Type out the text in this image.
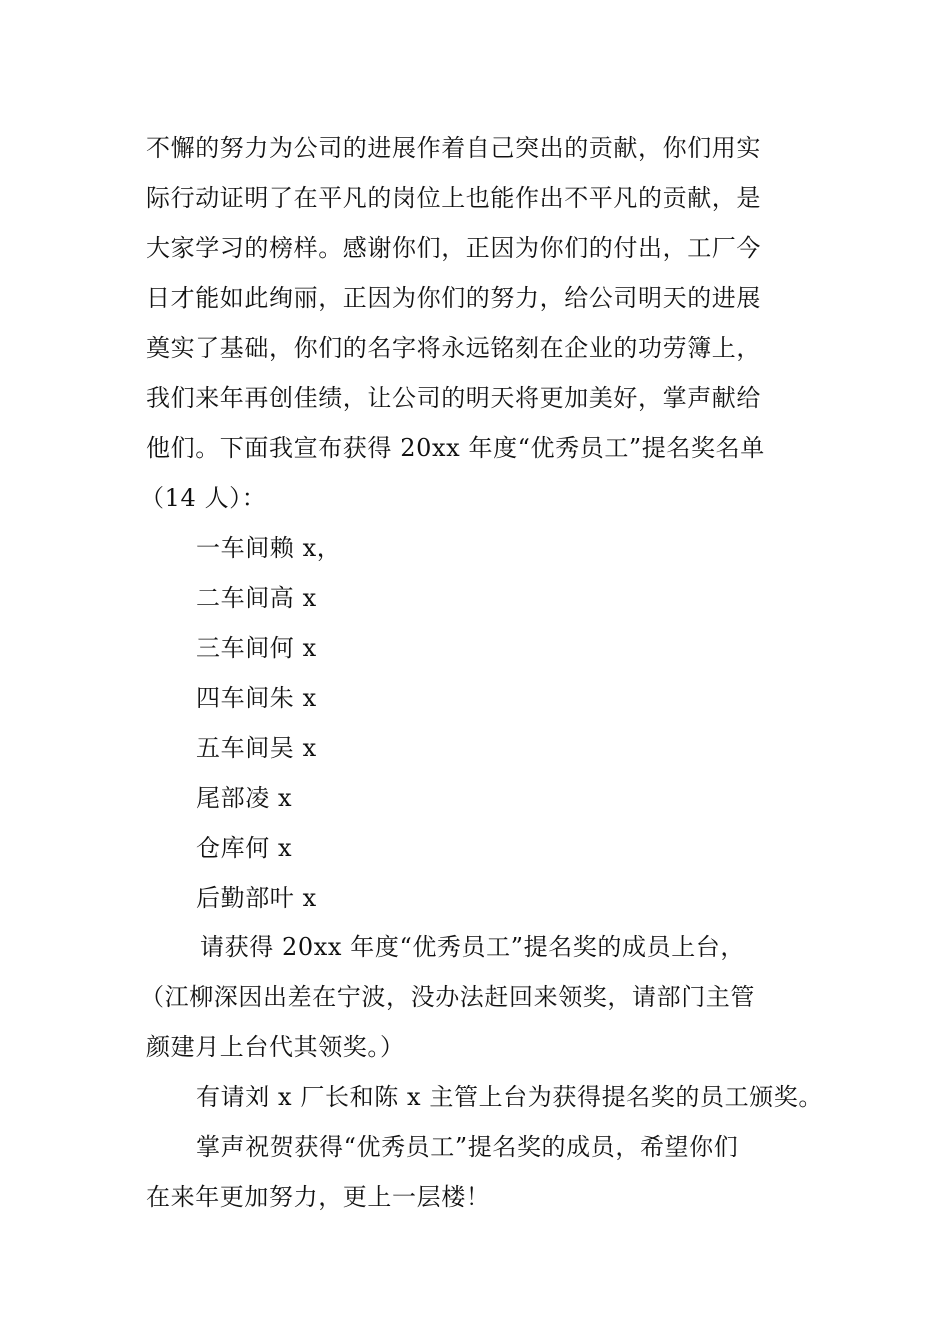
不懈的努力为公司的进展作着自己突出的贡献，你们用实
际行动证明了在平凡的岗位上也能作出不平凡的贡献，是
大家学习的榜样。感谢你们，正因为你们的付出，工厂今
日才能如此绚丽，正因为你们的努力，给公司明天的进展
奠实了基础，你们的名字将永远铭刻在企业的功劳簿上，
我们来年再创佳绩，让公司的明天将更加美好，掌声献给
他们。下面我宣布获得 20xx 年度“优秀员工”提名奖名单
（14 人）：
一车间赖 x，
二车间高 x
三车间何 x
四车间朱 x
五车间吴 x
尾部凌 x
仓库何 x
后勤部叶 x
请获得 20xx 年度“优秀员工”提名奖的成员上台，
（江柳深因出差在宁波，没办法赶回来领奖，请部门主管
颜建月上台代其领奖。）
有请刘 x 厂长和陈 x 主管上台为获得提名奖的员工颁奖。
掌声祝贺获得“优秀员工”提名奖的成员，希望你们
在来年更加努力，更上一层楼！
